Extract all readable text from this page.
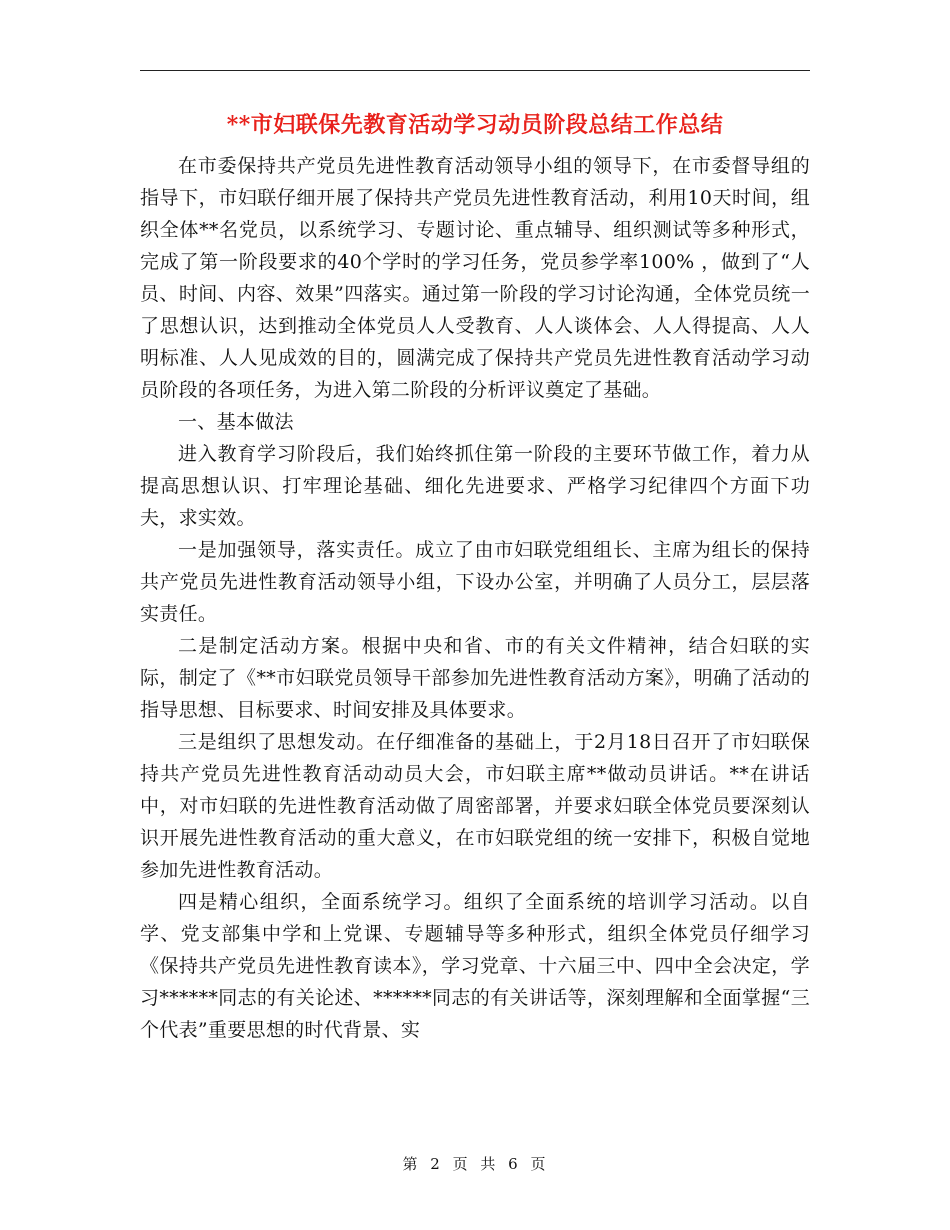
**市妇联保先教育活动学习动员阶段总结工作总结

在市委保持共产党员先进性教育活动领导小组的领导下，在市委督导组的指导下，市妇联仔细开展了保持共产党员先进性教育活动，利用10天时间，组织全体**名党员，以系统学习、专题讨论、重点辅导、组织测试等多种形式，完成了第一阶段要求的40个学时的学习任务，党员参学率100% ，做到了“人员、时间、内容、效果”四落实。通过第一阶段的学习讨论沟通，全体党员统一了思想认识，达到推动全体党员人人受教育、人人谈体会、人人得提高、人人明标准、人人见成效的目的，圆满完成了保持共产党员先进性教育活动学习动员阶段的各项任务，为进入第二阶段的分析评议奠定了基础。

一、基本做法

进入教育学习阶段后，我们始终抓住第一阶段的主要环节做工作，着力从提高思想认识、打牢理论基础、细化先进要求、严格学习纪律四个方面下功夫，求实效。

一是加强领导，落实责任。成立了由市妇联党组组长、主席为组长的保持共产党员先进性教育活动领导小组，下设办公室，并明确了人员分工，层层落实责任。

二是制定活动方案。根据中央和省、市的有关文件精神，结合妇联的实际，制定了《**市妇联党员领导干部参加先进性教育活动方案》，明确了活动的指导思想、目标要求、时间安排及具体要求。

三是组织了思想发动。在仔细准备的基础上，于2月18日召开了市妇联保持共产党员先进性教育活动动员大会，市妇联主席**做动员讲话。**在讲话中，对市妇联的先进性教育活动做了周密部署，并要求妇联全体党员要深刻认识开展先进性教育活动的重大意义，在市妇联党组的统一安排下，积极自觉地参加先进性教育活动。

四是精心组织，全面系统学习。组织了全面系统的培训学习活动。以自学、党支部集中学和上党课、专题辅导等多种形式，组织全体党员仔细学习《保持共产党员先进性教育读本》，学习党章、十六届三中、四中全会决定，学习******同志的有关论述、******同志的有关讲话等，深刻理解和全面掌握“三个代表”重要思想的时代背景、实

第 2 页 共 6 页
